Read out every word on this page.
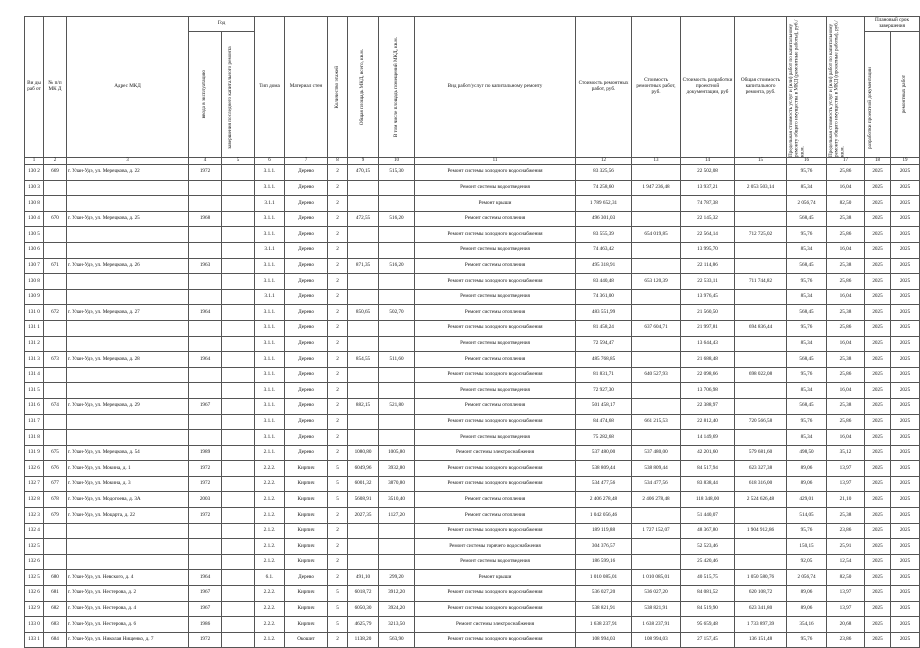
Ви ды раб от	№ п/п МК Д	Адрес МКД	Год		Тип дома	Материал стен	Количество этажей	Общая площадь МКД, всего, кв.м.	В том числе площадь помещений МКД, кв.м.	Вид работ/услуг по капитальному ремонту	Стоимость ремонтных работ, руб.	Стоимость ремонтных работ, руб.	Стоимость разработки проектной документации, руб	Общая стоимость капитального ремонта, руб.	Предельная стоимость услуг и (или) работ по капитальному ремонту общего имущества в МКД (ремонтные работы), руб./кв.м.	Предельная стоимость услуг и (или) работ по капитальному ремонту общего имущества в МКД (проектные работы), руб./кв.м.	Плановый срок завершения	

			ввода в эксплуатацию	завершения последнего капитального ремонта													разработки проектной документации	ремонтных работ

1	2	3	4	5	6	7	8	9	10	11	12	13	14	15	16	17	18	19
130 2	669	г. Улан-Удэ, ул. Мерецкова, д. 22	1972		3.1.1.	Дерево	2	470,15	515,30	Ремонт системы холодного водоснабжения	83 325,56		22 502,08		95,76	25,86	2025	2025
130 3					3.1.1.	Дерево	2			Ремонт системы водоотведения	74 258,60	1 947 236,48	13 937,21	2 053 503,14	85,34	16,04	2025	2025
130 8					3.1.1	Дерево	2			Ремонт крыши	1 789 652,31		74 787,38		2 056,74	82,50	2025	2025
130 4	670	г. Улан-Удэ, ул. Мерецкова, д. 25	1968		3.1.1.	Дерево	2	472,55	516,20	Ремонт системы отопления	496 301,03		22 145,32		568,45	25,38	2025	2025
130 5					3.1.1.	Дерево	2			Ремонт системы холодного водоснабжения	83 555,39	654 019,85	22 564,14	712 725,02	95,76	25,86	2025	2025
130 6					3.1.1	Дерево	2			Ремонт системы водоотведения	74 463,42		13 995,70		85,34	16,04	2025	2025
130 7	671	г. Улан-Удэ, ул. Мерецкова, д. 26	1963		3.1.1.	Дерево	2	871,35	516,20	Ремонт системы отопления	495 318,91		22 114,86		568,45	25,38	2025	2025
130 8					3.1.1.	Дерево	2			Ремонт системы холодного водоснабжения	83 440,48	653 120,39	22 533,11	711 744,82	95,76	25,86	2025	2025
130 9					3.1.1	Дерево	2			Ремонт системы водоотведения	74 361,00		13 976,45		85,34	16,04	2025	2025
131 0	672	г. Улан-Удэ, ул. Мерецкова, д. 27	1964		3.1.1.	Дерево	2	850,65	502,70	Ремонт системы отопления	483 551,99		21 560,50		568,45	25,38	2025	2025
131 1					3.1.1.	Дерево	2			Ремонт системы холодного водоснабжения	81 458,24	637 604,71	21 997,81	694 836,44	95,76	25,86	2025	2025
131 2					3.1.1.	Дерево	2			Ремонт системы водоотведения	72 594,47		13 644,43		85,34	16,04	2025	2025
131 3	673	г. Улан-Удэ, ул. Мерецкова, д. 28	1964		3.1.1.	Дерево	2	854,55	511,60	Ремонт системы отопления	485 768,85		21 688,48		568,45	25,38	2025	2025
131 4					3.1.1.	Дерево	2			Ремонт системы холодного водоснабжения	81 831,71	640 527,93	22 098,66	698 022,08	95,76	25,86	2025	2025
131 5					3.1.1.	Дерево	2			Ремонт системы водоотведения	72 927,30		13 706,98		85,34	16,04	2025	2025
131 6	674	г. Улан-Удэ, ул. Мерецкова, д. 29	1967		3.1.1.	Дерево	2	882,15	521,80	Ремонт системы отопления	501 458,17		22 388,97		568,45	25,38	2025	2025
131 7					3.1.1.	Дерево	2			Ремонт системы холодного водоснабжения	84 474,68	661 215,53	22 812,40	720 566,58	95,76	25,86	2025	2025
131 8					3.1.1.	Дерево	2			Ремонт системы водоотведения	75 282,68		14 149,69		85,34	16,04	2025	2025
131 9	675	г. Улан-Удэ, ул. Мерецкова, д. 54	1989		2.1.1.	Дерево	2	1080,80	1005,80	Ремонт системы электроснабжения	537 480,00	537 480,00	42 201,60	579 681,60	498,50	35,12	2025	2025
132 6	676	г. Улан-Удэ, ул. Мокина, д. 1	1972		2.2.2.	Кирпич	5	6049,96	3932,80	Ремонт системы холодного водоснабжения	538 809,44	538 809,44	84 517,94	623 327,38	89,06	13,97	2025	2025
132 7	677	г. Улан-Удэ, ул. Мокина, д. 3	1972		2.2.2.	Кирпич	5	6001,32	3870,80	Ремонт системы холодного водоснабжения	534 477,56	534 477,56	83 838,44	618 316,00	89,06	13,97	2025	2025
132 8	678	г. Улан-Удэ, ул. Модогоева, д. 3А	2003		2.1.2.	Кирпич	5	5608,91	3510,40	Ремонт системы отопления	2 406 278,48	2 406 278,48	118 348,00	2 524 626,48	429,01	21,10	2025	2025
132 3	679	г. Улан-Удэ, ул. Моцарта, д. 22	1972		2.1.2.	Кирпич	2	2027,35	1127,20	Ремонт системы отопления	1 042 056,46		51 440,07		514,05	25,38	2025	2025
132 4					2.1.2.	Кирпич	2			Ремонт системы холодного водоснабжения	189 119,88	1 727 152,07	48 367,80	1 904 912,86	95,76	23,86	2025	2025
132 5					2.1.2.	Кирпич	2			Ремонт системы горячего водоснабжения	304 376,57		52 523,46		150,15	25,91	2025	2025
132 6					2.1.2.	Кирпич	2			Ремонт системы водоотведения	186 599,16		25 420,46		92,05	12,54	2025	2025
132 5	680	г. Улан-Удэ, ул. Невского, д. 4	1964		6.1.	Дерево	2	491,10	299,20	Ремонт крыши	1 010 085,01	1 010 085,01	40 515,75	1 050 580,76	2 056,74	82,50	2025	2025
132 6	681	г. Улан-Удэ, ул. Нестерова, д. 2	1967		2.2.2.	Кирпич	5	6018,72	3912,20	Ремонт системы холодного водоснабжения	536 027,20	536 027,20	84 081,52	620 108,72	89,06	13,97	2025	2025
132 9	682	г. Улан-Удэ, ул. Нестерова, д. 4	1967		2.2.2.	Кирпич	5	6050,30	3924,20	Ремонт системы холодного водоснабжения	538 821,91	538 821,91	84 519,90	623 341,80	89,06	13,97	2025	2025
133 0	683	г. Улан-Удэ, ул. Нестерова, д. 6	1986		2.2.2.	Кирпич	5	4625,79	3213,50	Ремонт системы электроснабжения	1 638 237,91	1 638 237,91	95 659,48	1 733 897,39	354,16	20,68	2025	2025
133 1	684	г. Улан-Удэ, ул. Николая Нищенко, д. 7	1972		2.1.2.	Окошит	2	1138,20	563,90	Ремонт системы холодного водоснабжения	108 994,03	108 994,03	27 157,45	136 151,48	95,76	23,86	2025	2025
